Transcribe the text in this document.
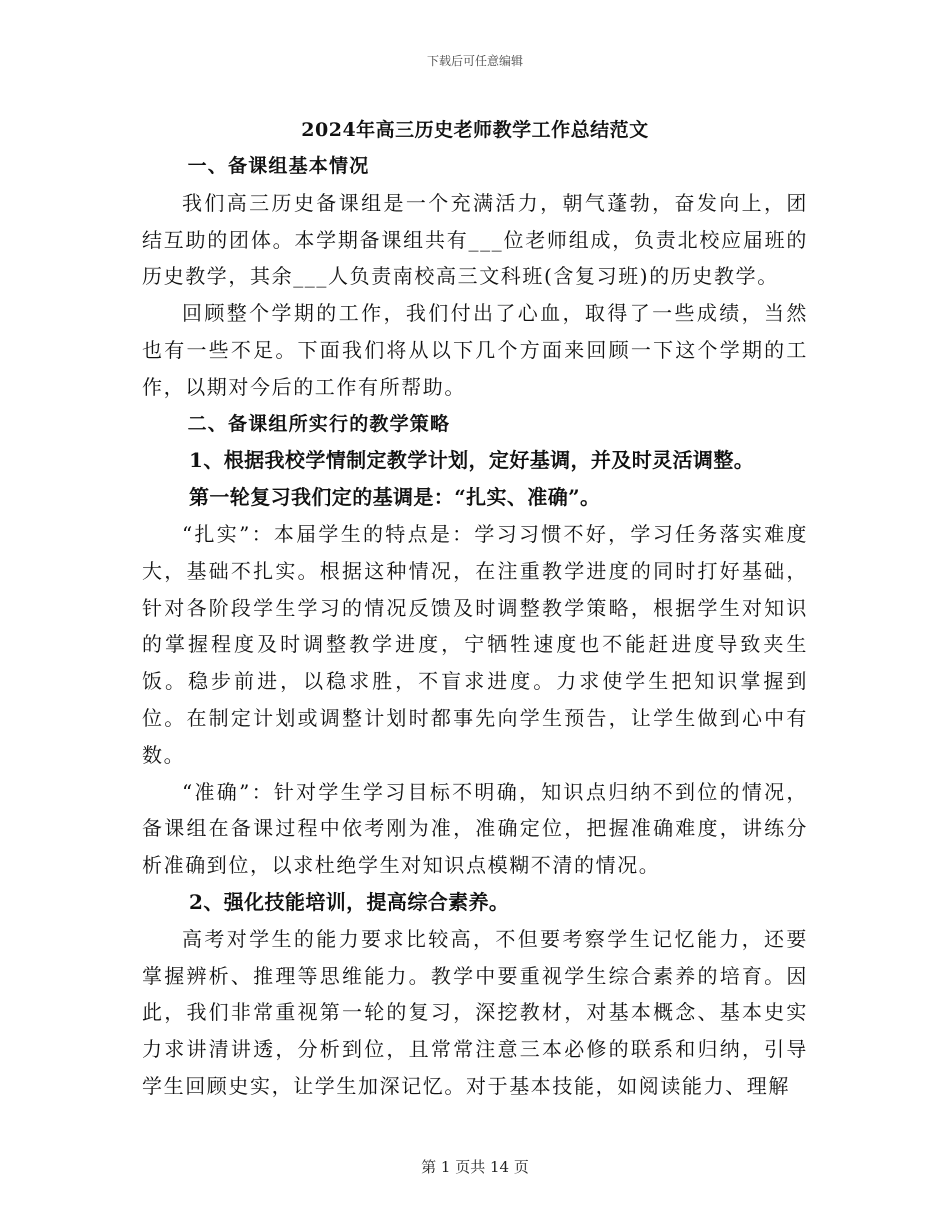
下载后可任意编辑
2024年高三历史老师教学工作总结范文

一、备课组基本情况

我们高三历史备课组是一个充满活力，朝气蓬勃，奋发向上，团结互助的团体。本学期备课组共有___位老师组成，负责北校应届班的历史教学，其余___人负责南校高三文科班(含复习班)的历史教学。

回顾整个学期的工作，我们付出了心血，取得了一些成绩，当然也有一些不足。下面我们将从以下几个方面来回顾一下这个学期的工作，以期对今后的工作有所帮助。

二、备课组所实行的教学策略

1、根据我校学情制定教学计划，定好基调，并及时灵活调整。

第一轮复习我们定的基调是：“扎实、准确”。

“扎实”：本届学生的特点是：学习习惯不好，学习任务落实难度大，基础不扎实。根据这种情况，在注重教学进度的同时打好基础，针对各阶段学生学习的情况反馈及时调整教学策略，根据学生对知识的掌握程度及时调整教学进度，宁牺牲速度也不能赶进度导致夹生饭。稳步前进，以稳求胜，不盲求进度。力求使学生把知识掌握到位。在制定计划或调整计划时都事先向学生预告，让学生做到心中有数。

“准确”：针对学生学习目标不明确，知识点归纳不到位的情况，备课组在备课过程中依考刚为准，准确定位，把握准确难度，讲练分析准确到位，以求杜绝学生对知识点模糊不清的情况。

2、强化技能培训，提高综合素养。

高考对学生的能力要求比较高，不但要考察学生记忆能力，还要掌握辨析、推理等思维能力。教学中要重视学生综合素养的培育。因此，我们非常重视第一轮的复习，深挖教材，对基本概念、基本史实力求讲清讲透，分析到位，且常常注意三本必修的联系和归纳，引导学生回顾史实，让学生加深记忆。对于基本技能，如阅读能力、理解

第 1 页共 14 页
